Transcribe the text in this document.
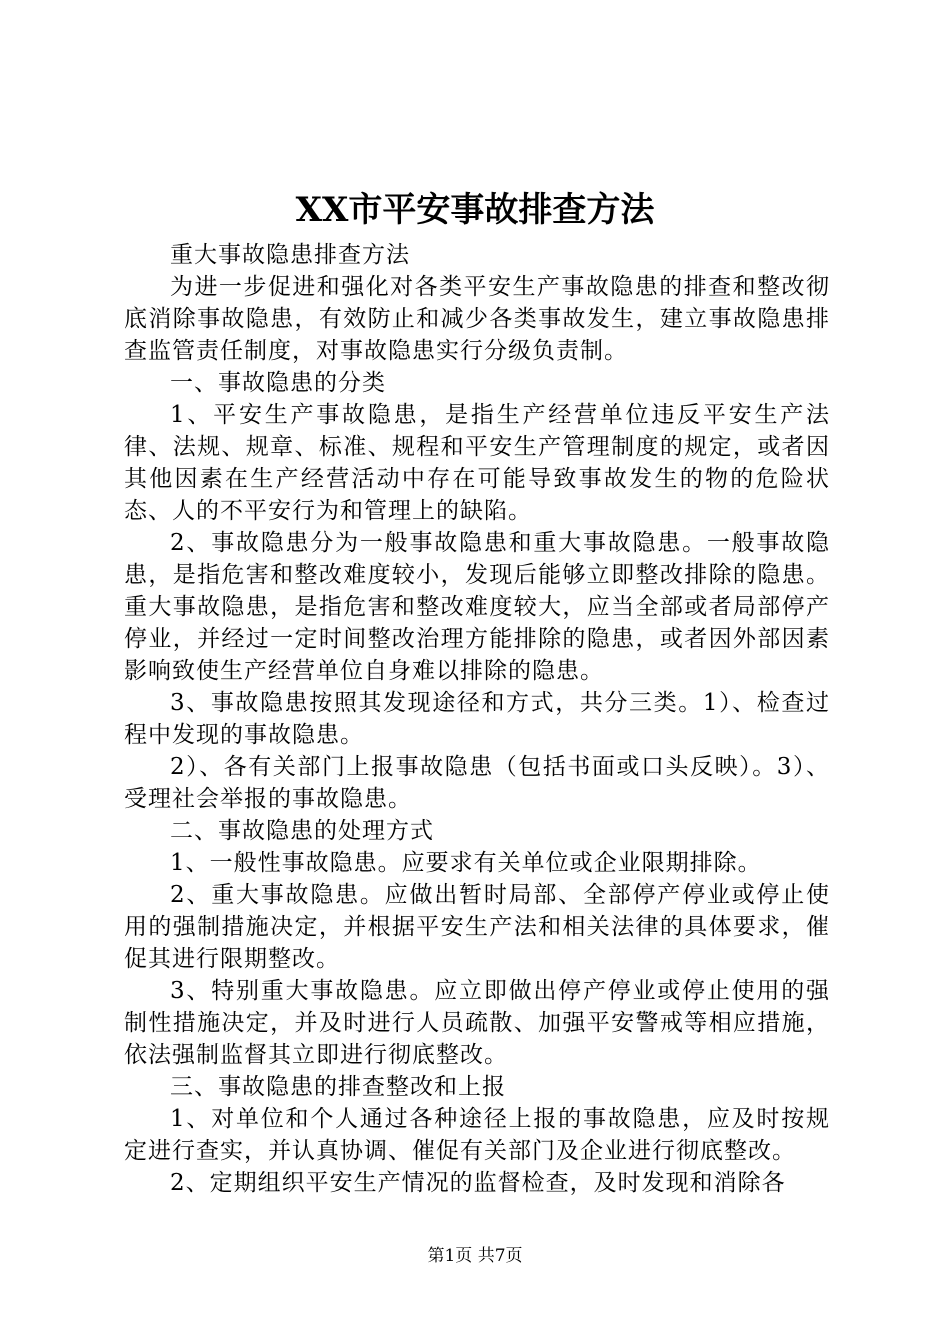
XX市平安事故排查方法

重大事故隐患排查方法

为进一步促进和强化对各类平安生产事故隐患的排查和整改彻底消除事故隐患，有效防止和减少各类事故发生，建立事故隐患排查监管责任制度，对事故隐患实行分级负责制。

一、事故隐患的分类

1、平安生产事故隐患，是指生产经营单位违反平安生产法律、法规、规章、标准、规程和平安生产管理制度的规定，或者因其他因素在生产经营活动中存在可能导致事故发生的物的危险状态、人的不平安行为和管理上的缺陷。

2、事故隐患分为一般事故隐患和重大事故隐患。一般事故隐患，是指危害和整改难度较小，发现后能够立即整改排除的隐患。重大事故隐患，是指危害和整改难度较大，应当全部或者局部停产停业，并经过一定时间整改治理方能排除的隐患，或者因外部因素影响致使生产经营单位自身难以排除的隐患。

3、事故隐患按照其发现途径和方式，共分三类。1）、检查过程中发现的事故隐患。

2）、各有关部门上报事故隐患（包括书面或口头反映）。3）、受理社会举报的事故隐患。

二、事故隐患的处理方式

1、一般性事故隐患。应要求有关单位或企业限期排除。

2、重大事故隐患。应做出暂时局部、全部停产停业或停止使用的强制措施决定，并根据平安生产法和相关法律的具体要求，催促其进行限期整改。

3、特别重大事故隐患。应立即做出停产停业或停止使用的强制性措施决定，并及时进行人员疏散、加强平安警戒等相应措施，依法强制监督其立即进行彻底整改。

三、事故隐患的排查整改和上报

1、对单位和个人通过各种途径上报的事故隐患，应及时按规定进行查实，并认真协调、催促有关部门及企业进行彻底整改。

2、定期组织平安生产情况的监督检查，及时发现和消除各

第1页 共7页
